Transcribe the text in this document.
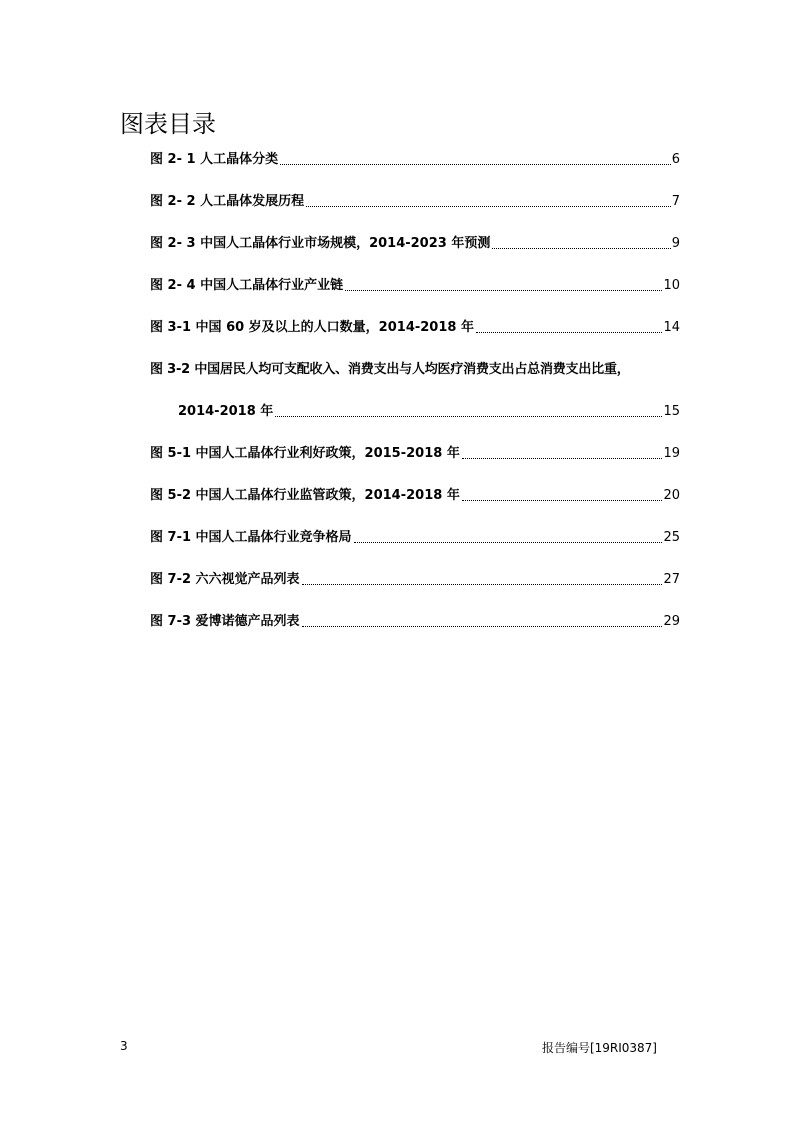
图表目录
图 2- 1 人工晶体分类	6
图 2- 2 人工晶体发展历程	7
图 2- 3 中国人工晶体行业市场规模，2014-2023 年预测	9
图 2- 4 中国人工晶体行业产业链	10
图 3-1 中国 60 岁及以上的人口数量，2014-2018 年	14
图 3-2 中国居民人均可支配收入、消费支出与人均医疗消费支出占总消费支出比重，
2014-2018 年	15
图 5-1 中国人工晶体行业利好政策，2015-2018 年	19
图 5-2 中国人工晶体行业监管政策，2014-2018 年	20
图 7-1 中国人工晶体行业竞争格局	25
图 7-2 六六视觉产品列表	27
图 7-3 爱博诺德产品列表	29
3	报告编号[19RI0387]
